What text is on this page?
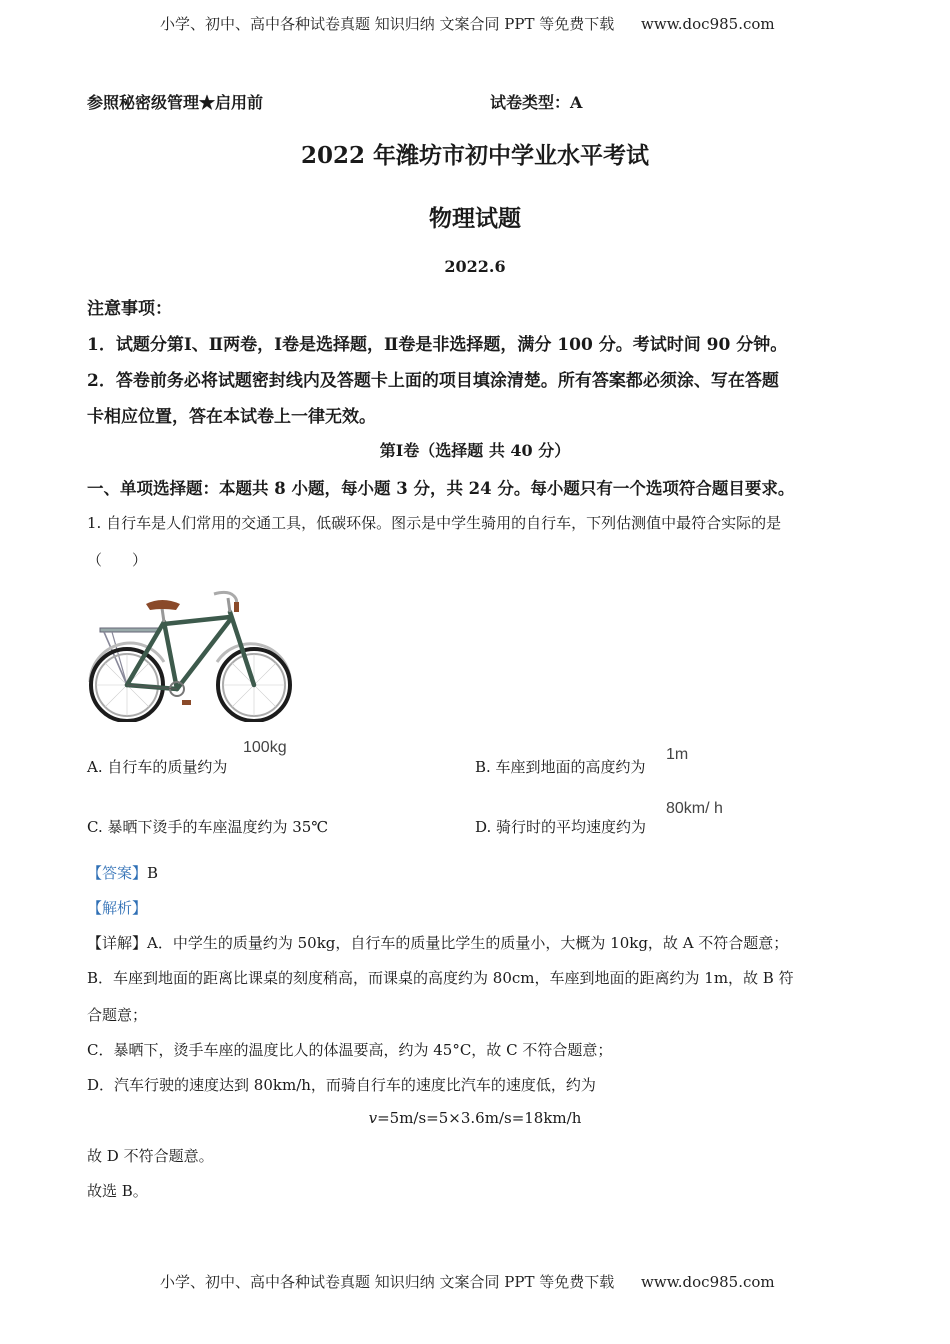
小学、初中、高中各种试卷真题 知识归纳 文案合同 PPT 等免费下载 www.doc985.com
参照秘密级管理★启用前	试卷类型：A
2022 年潍坊市初中学业水平考试
物理试题
2022.6
注意事项：
1．试题分第Ⅰ、Ⅱ两卷，Ⅰ卷是选择题，Ⅱ卷是非选择题，满分 100 分。考试时间 90 分钟。
2．答卷前务必将试题密封线内及答题卡上面的项目填涂清楚。所有答案都必须涂、写在答题
卡相应位置，答在本试卷上一律无效。
第Ⅰ卷（选择题 共 40 分）
一、单项选择题：本题共 8 小题，每小题 3 分，共 24 分。每小题只有一个选项符合题目要求。
1. 自行车是人们常用的交通工具，低碳环保。图示是中学生骑用的自行车，下列估测值中最符合实际的是
（　　）
A. 自行车的质量约为
100kg
B. 车座到地面的高度约为
1m
C. 暴晒下烫手的车座温度约为 35℃	D. 骑行时的平均速度约为
80km/ h
【答案】B
【解析】
【详解】A．中学生的质量约为 50kg，自行车的质量比学生的质量小，大概为 10kg，故 A 不符合题意；
B．车座到地面的距离比课桌的刻度稍高，而课桌的高度约为 80cm，车座到地面的距离约为 1m，故 B 符
合题意；
C．暴晒下，烫手车座的温度比人的体温要高，约为 45°C，故 C 不符合题意；
D．汽车行驶的速度达到 80km/h，而骑自行车的速度比汽车的速度低，约为
v=5m/s=5×3.6m/s=18km/h
故 D 不符合题意。
故选 B。
小学、初中、高中各种试卷真题 知识归纳 文案合同 PPT 等免费下载 www.doc985.com
